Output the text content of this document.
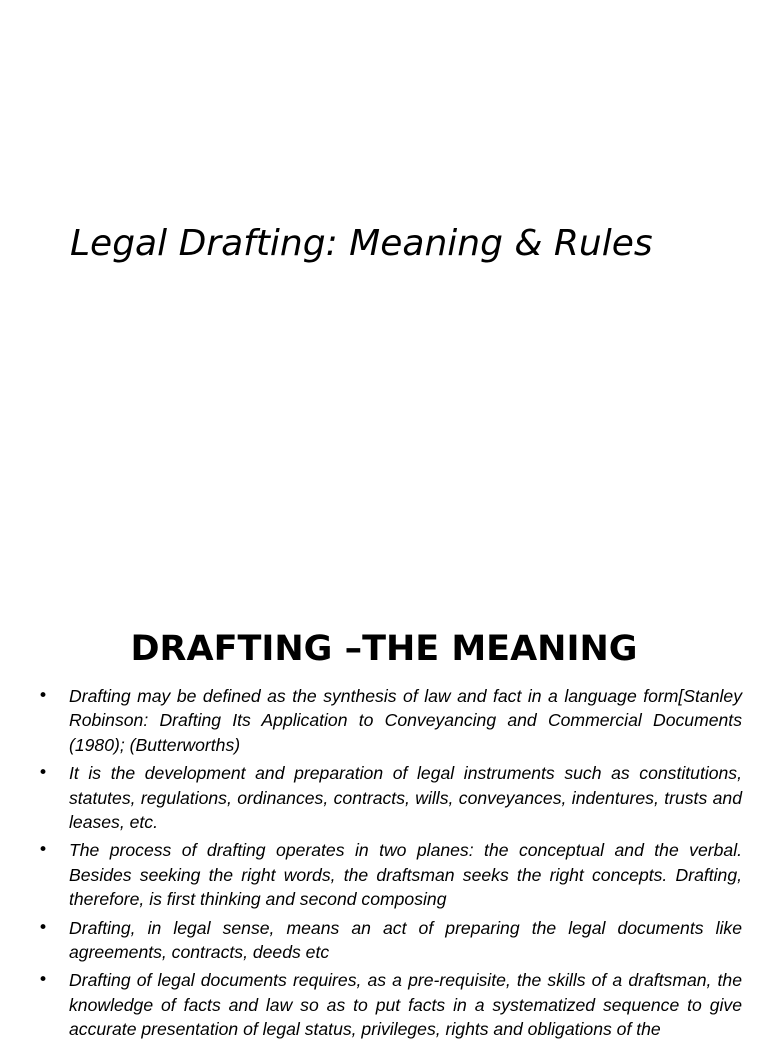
Legal Drafting: Meaning & Rules
DRAFTING –THE MEANING
• Drafting may be defined as the synthesis of law and fact in a language form[Stanley Robinson: Drafting Its Application to Conveyancing and Commercial Documents (1980); (Butterworths)
• It is the development and preparation of legal instruments such as constitutions, statutes, regulations, ordinances, contracts, wills, conveyances, indentures, trusts and leases, etc.
• The process of drafting operates in two planes: the conceptual and the verbal. Besides seeking the right words, the draftsman seeks the right concepts. Drafting, therefore, is first thinking and second composing
• Drafting, in legal sense, means an act of preparing the legal documents like agreements, contracts, deeds etc
• Drafting of legal documents requires, as a pre-requisite, the skills of a draftsman, the knowledge of facts and law so as to put facts in a systematized sequence to give accurate presentation of legal status, privileges, rights and obligations of the
